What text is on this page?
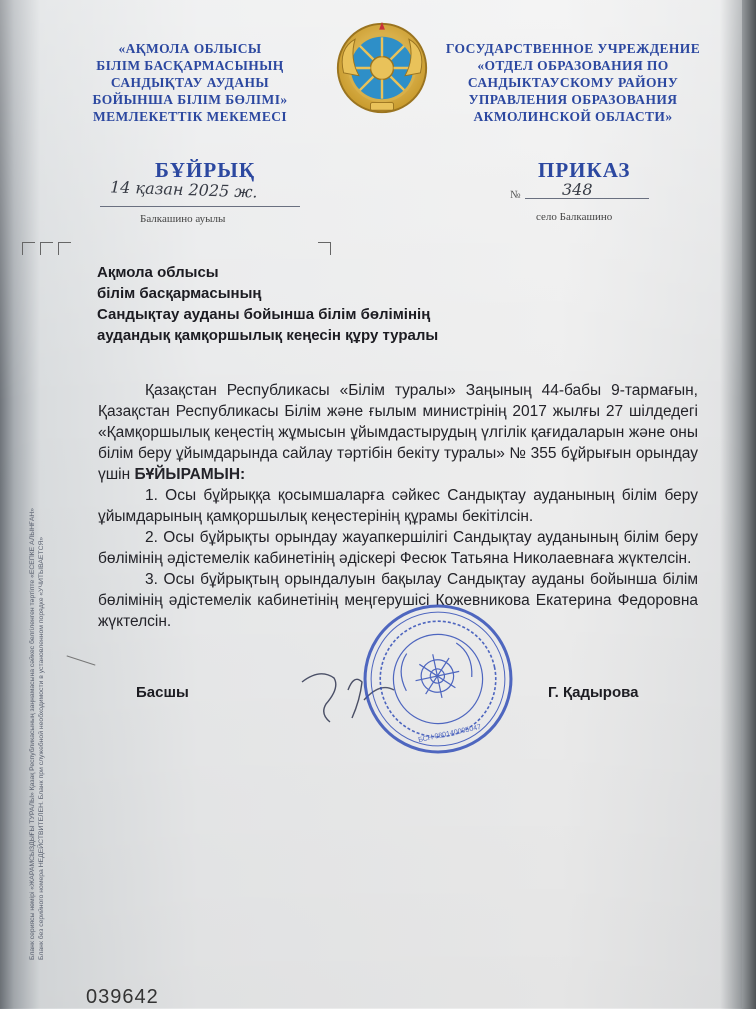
«АҚМОЛА ОБЛЫСЫ
БІЛІМ БАСҚАРМАСЫНЫҢ
САНДЫҚТАУ АУДАНЫ
БОЙЫНША БІЛІМ БӨЛІМІ»
МЕМЛЕКЕТТІК МЕКЕМЕСІ
ГОСУДАРСТВЕННОЕ УЧРЕЖДЕНИЕ
«ОТДЕЛ ОБРАЗОВАНИЯ ПО
САНДЫКТАУСКОМУ РАЙОНУ
УПРАВЛЕНИЯ ОБРАЗОВАНИЯ
АКМОЛИНСКОЙ ОБЛАСТИ»
БҰЙРЫҚ	ПРИКАЗ
14 қазан 2025 ж.
Балкашино ауылы
№	348
село Балкашино
Ақмола облысы
білім басқармасының
Сандықтау ауданы бойынша білім бөлімінің
аудандық қамқоршылық кеңесін құру туралы

Қазақстан Республикасы «Білім туралы» Заңының 44-бабы 9-тармағын, Қазақстан Республикасы Білім және ғылым министрінің 2017 жылғы 27 шілдедегі «Қамқоршылық кеңестің жұмысын ұйымдастырудың үлгілік қағидаларын және оны білім беру ұйымдарында сайлау тәртібін бекіту туралы» № 355 бұйрығын орындау үшін БҰЙЫРАМЫН:

1. Осы бұйрыққа қосымшаларға сәйкес Сандықтау ауданының білім беру ұйымдарының қамқоршылық кеңестерінің құрамы бекітілсін.

2. Осы бұйрықты орындау жауапкершілігі Сандықтау ауданының білім беру бөлімінің әдістемелік кабинетінің әдіскері Фесюк Татьяна Николаевнаға жүктелсін.

3. Осы бұйрықтың орындалуын бақылау Сандықтау ауданы бойынша білім бөлімінің әдістемелік кабинетінің меңгерушісі Кожевникова Екатерина Федоровна жүктелсін.

Басшы
БСН 080140005047
Г. Қадырова
Бланк сериясы нөмірі «ЖАРАМСЫЗДЫҒЫ ТУРАЛЫ» Қазақ Республикасының заңнамасына сәйкес белгіленген тәртіпте «ЕСЕПКЕ АЛЫНҒАН» Бланк без серийного номера НЕДЕЙСТВИТЕЛЕН. Бланк при служебной необходимости в установленном порядке «УЧИТЫВАЕТСЯ»
039642
